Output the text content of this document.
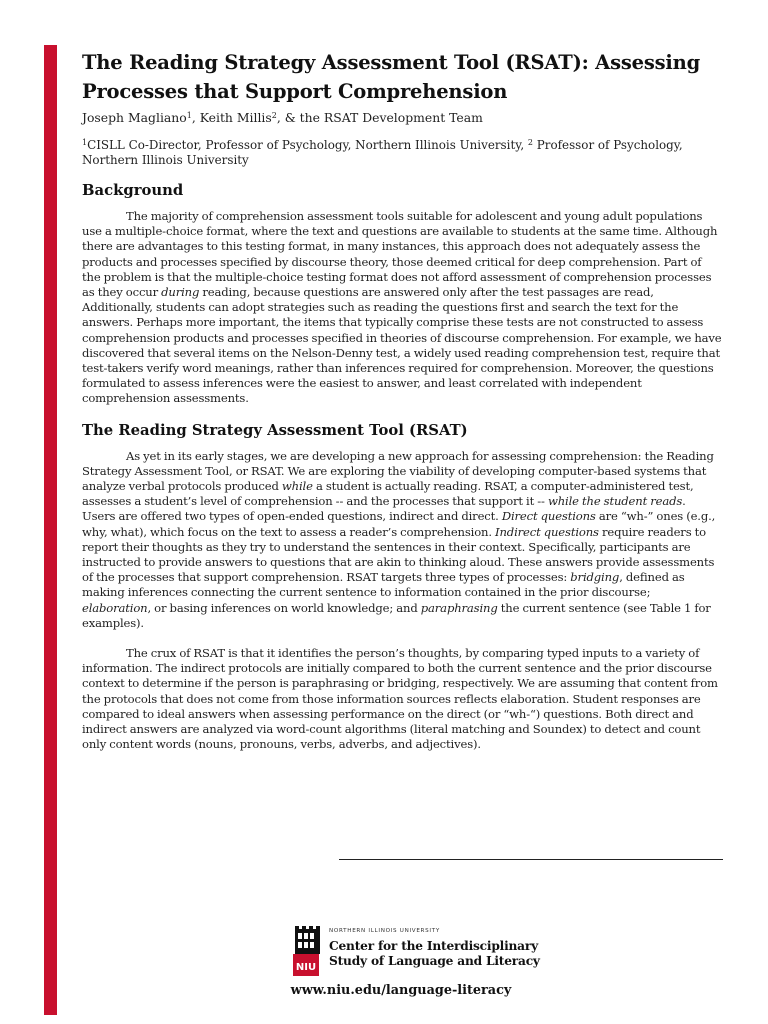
The Reading Strategy Assessment Tool (RSAT): Assessing Processes that Support Comprehension
Joseph Magliano$^1$, Keith Millis$^2$, & the RSAT Development Team
$^1$CISLL Co-Director, Professor of Psychology, Northern Illinois University, $^2$ Professor of Psychology, Northern Illinois University
Background

The majority of comprehension assessment tools suitable for adolescent and young adult populations use a multiple-choice format, where the text and questions are available to students at the same time. Although there are advantages to this testing format, in many instances, this approach does not adequately assess the products and processes specified by discourse theory, those deemed critical for deep comprehension. Part of the problem is that the multiple-choice testing format does not afford assessment of comprehension processes as they occur during reading, because questions are answered only after the test passages are read, Additionally, students can adopt strategies such as reading the questions first and search the text for the answers. Perhaps more important, the items that typically comprise these tests are not constructed to assess comprehension products and processes specified in theories of discourse comprehension. For example, we have discovered that several items on the Nelson-Denny test, a widely used reading comprehension test, require that test-takers verify word meanings, rather than inferences required for comprehension. Moreover, the questions formulated to assess inferences were the easiest to answer, and least correlated with independent comprehension assessments.

The Reading Strategy Assessment Tool (RSAT)

As yet in its early stages, we are developing a new approach for assessing comprehension: the Reading Strategy Assessment Tool, or RSAT. We are exploring the viability of developing computer-based systems that analyze verbal protocols produced while a student is actually reading. RSAT, a computer-administered test, assesses a student’s level of comprehension -- and the processes that support it -- while the student reads. Users are offered two types of open-ended questions, indirect and direct. Direct questions are “wh-” ones (e.g., why, what), which focus on the text to assess a reader’s comprehension. Indirect questions require readers to report their thoughts as they try to understand the sentences in their context. Specifically, participants are instructed to provide answers to questions that are akin to thinking aloud. These answers provide assessments of the processes that support comprehension. RSAT targets three types of processes: bridging, defined as making inferences connecting the current sentence to information contained in the prior discourse; elaboration, or basing inferences on world knowledge; and paraphrasing the current sentence (see Table 1 for examples).

The crux of RSAT is that it identifies the person’s thoughts, by comparing typed inputs to a variety of information. The indirect protocols are initially compared to both the current sentence and the prior discourse context to determine if the person is paraphrasing or bridging, respectively. We are assuming that content from the protocols that does not come from those information sources reflects elaboration. Student responses are compared to ideal answers when assessing performance on the direct (or “wh-“) questions. Both direct and indirect answers are analyzed via word-count algorithms (literal matching and Soundex) to detect and count only content words (nouns, pronouns, verbs, adverbs, and adjectives).

NIU
NORTHERN ILLINOIS UNIVERSITY
Center for the Interdisciplinary
Study of Language and Literacy
www.niu.edu/language-literacy
